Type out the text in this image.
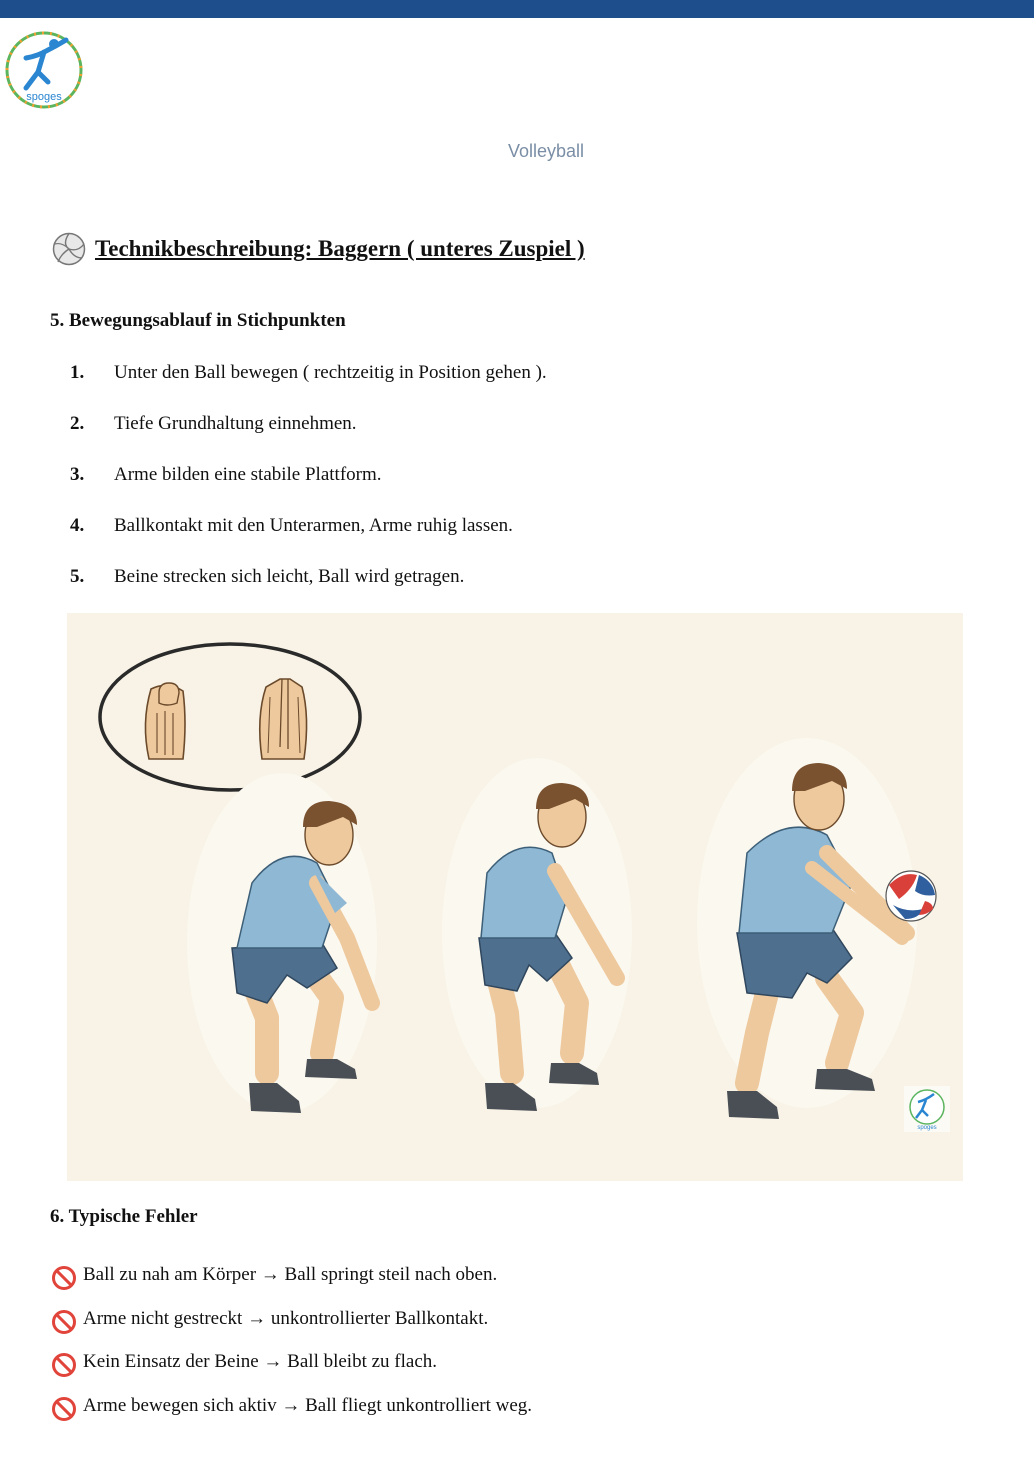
spoges
Volleyball
Technikbeschreibung: Baggern ( unteres Zuspiel )
5. Bewegungsablauf in Stichpunkten
1.	Unter den Ball bewegen ( rechtzeitig in Position gehen ).
2.	Tiefe Grundhaltung einnehmen.
3.	Arme bilden eine stabile Plattform.
4.	Ballkontakt mit den Unterarmen, Arme ruhig lassen.
5.	Beine strecken sich leicht, Ball wird getragen.
spoges
6. Typische Fehler
Ball zu nah am Körper → Ball springt steil nach oben.
Arme nicht gestreckt → unkontrollierter Ballkontakt.
Kein Einsatz der Beine → Ball bleibt zu flach.
Arme bewegen sich aktiv → Ball fliegt unkontrolliert weg.
